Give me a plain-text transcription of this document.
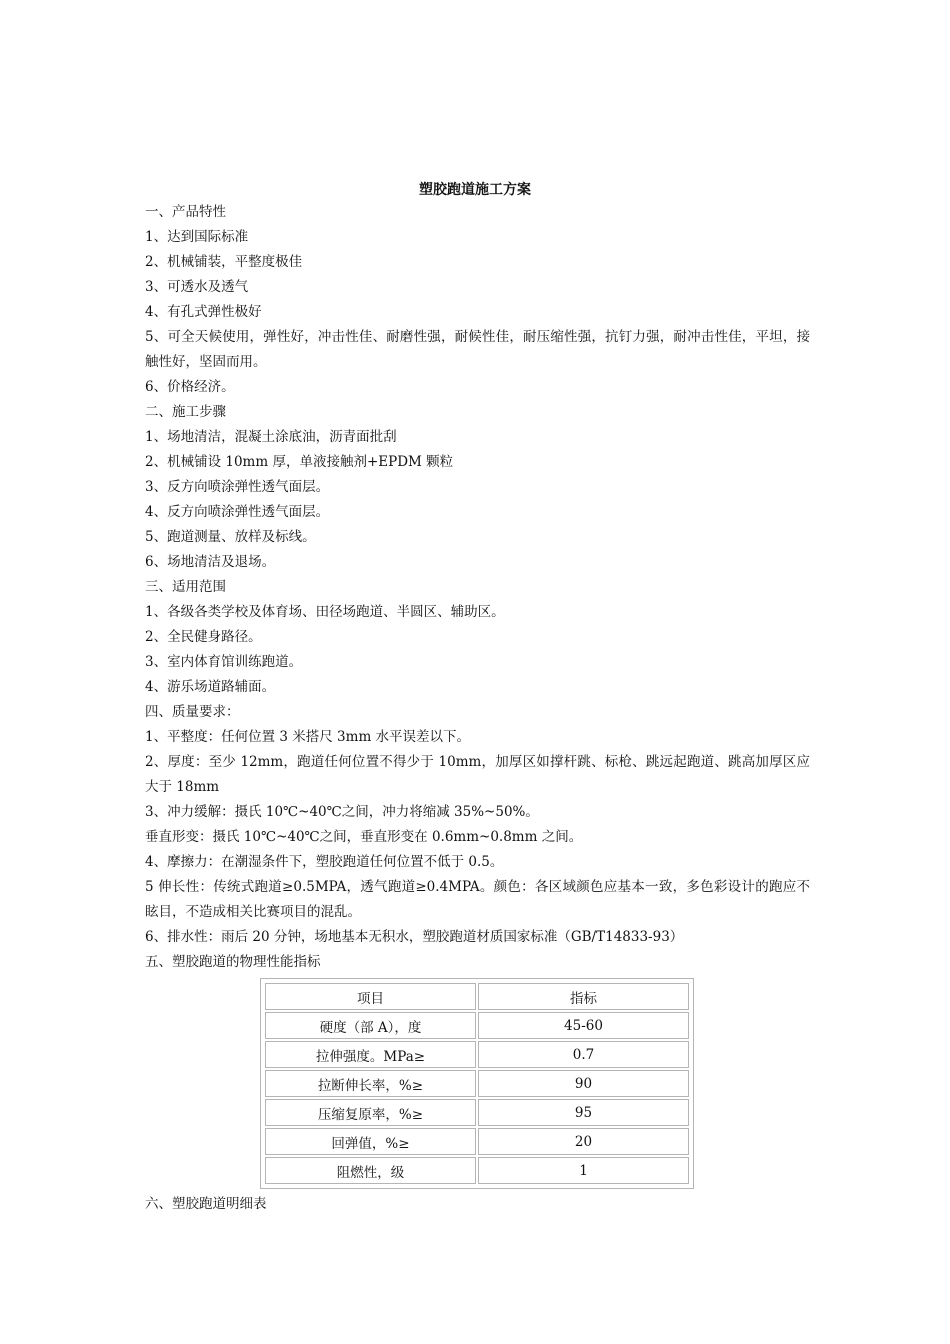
塑胶跑道施工方案

一、产品特性

1、达到国际标准

2、机械铺装，平整度极佳

3、可透水及透气

4、有孔式弹性极好

5、可全天候使用，弹性好，冲击性佳、耐磨性强，耐候性佳，耐压缩性强，抗钉力强，耐冲击性佳，平坦，接触性好，坚固而用。

6、价格经济。

二、施工步骤

1、场地清洁，混凝土涂底油，沥青面批刮

2、机械铺设 10mm 厚，单液接触剂+EPDM 颗粒

3、反方向喷涂弹性透气面层。

4、反方向喷涂弹性透气面层。

5、跑道测量、放样及标线。

6、场地清洁及退场。

三、适用范围

1、各级各类学校及体育场、田径场跑道、半圆区、辅助区。

2、全民健身路径。

3、室内体育馆训练跑道。

4、游乐场道路辅面。

四、质量要求：

1、平整度：任何位置 3 米搭尺 3mm 水平误差以下。

2、厚度：至少 12mm，跑道任何位置不得少于 10mm，加厚区如撑杆跳、标枪、跳远起跑道、跳高加厚区应大于 18mm

3、冲力缓解：摄氏 10℃~40℃之间，冲力将缩减 35%~50%。

垂直形变：摄氏 10℃~40℃之间，垂直形变在 0.6mm~0.8mm 之间。

4、摩擦力：在潮湿条件下，塑胶跑道任何位置不低于 0.5。

5 伸长性：传统式跑道≥0.5MPA，透气跑道≥0.4MPA。颜色：各区域颜色应基本一致，多色彩设计的跑应不眩目，不造成相关比赛项目的混乱。

6、排水性：雨后 20 分钟，场地基本无积水，塑胶跑道材质国家标准（GB/T14833-93）

五、塑胶跑道的物理性能指标

项目	指标
硬度（部 A），度	45-60
拉伸强度。MPa≥	0.7
拉断伸长率，%≥	90
压缩复原率，%≥	95
回弹值，%≥	20
阻燃性，级	1

六、塑胶跑道明细表
